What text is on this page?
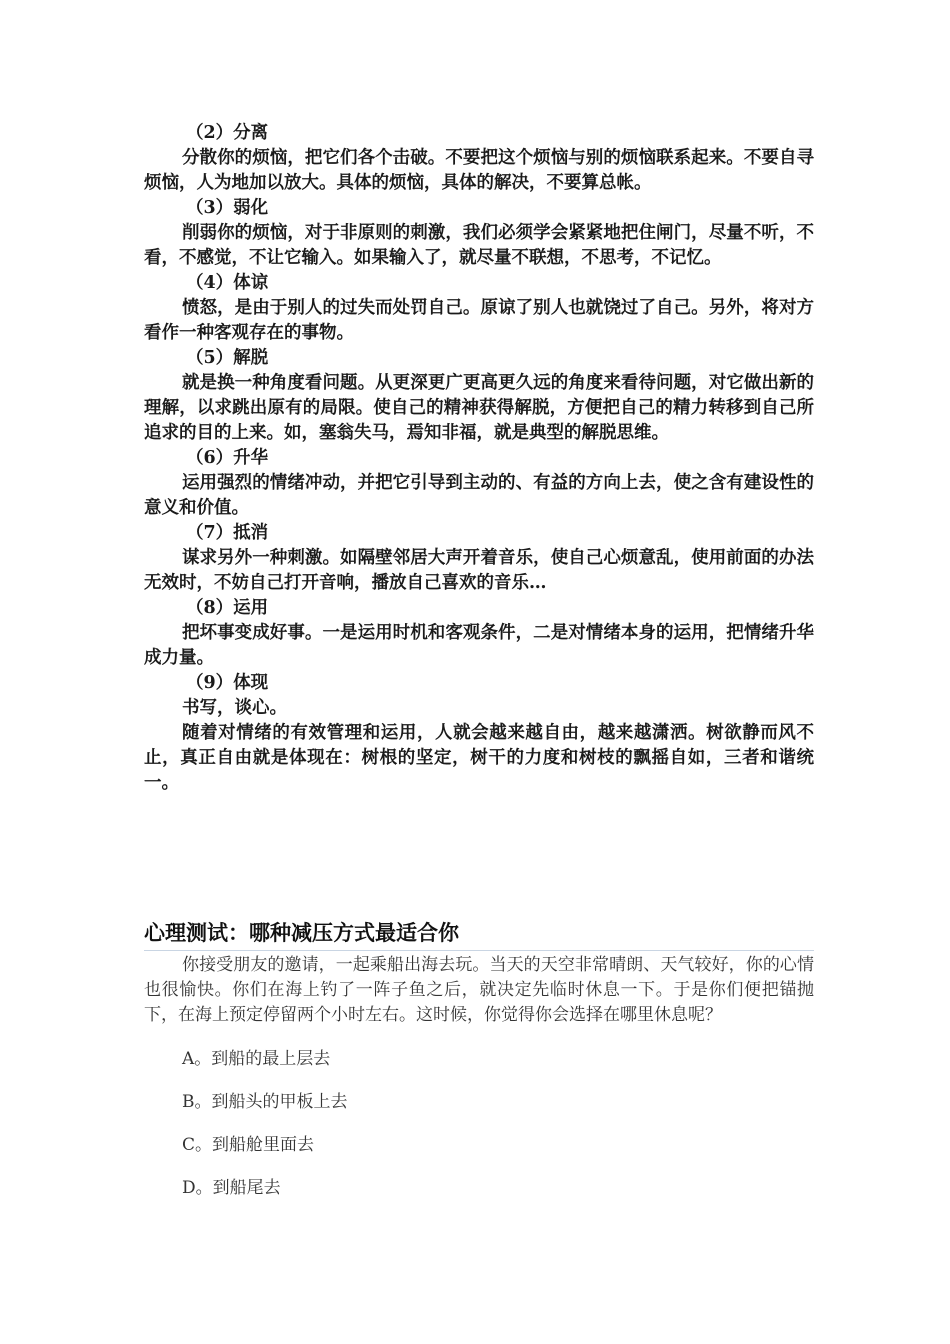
（2）分离

分散你的烦恼，把它们各个击破。不要把这个烦恼与别的烦恼联系起来。不要自寻烦恼，人为地加以放大。具体的烦恼，具体的解决，不要算总帐。

（3）弱化

削弱你的烦恼，对于非原则的刺激，我们必须学会紧紧地把住闸门，尽量不听，不看，不感觉，不让它输入。如果输入了，就尽量不联想，不思考，不记忆。

（4）体谅

愤怒，是由于别人的过失而处罚自己。原谅了别人也就饶过了自己。另外，将对方看作一种客观存在的事物。

（5）解脱

就是换一种角度看问题。从更深更广更高更久远的角度来看待问题，对它做出新的理解，以求跳出原有的局限。使自己的精神获得解脱，方便把自己的精力转移到自己所追求的目的上来。如，塞翁失马，焉知非福，就是典型的解脱思维。

（6）升华

运用强烈的情绪冲动，并把它引导到主动的、有益的方向上去，使之含有建设性的意义和价值。

（7）抵消

谋求另外一种刺激。如隔壁邻居大声开着音乐，使自己心烦意乱，使用前面的办法无效时，不妨自己打开音响，播放自己喜欢的音乐…

（8）运用

把坏事变成好事。一是运用时机和客观条件，二是对情绪本身的运用，把情绪升华成力量。

（9）体现

书写，谈心。

随着对情绪的有效管理和运用，人就会越来越自由，越来越潇洒。树欲静而风不止，真正自由就是体现在：树根的坚定，树干的力度和树枝的飘摇自如，三者和谐统一。

心理测试：哪种减压方式最适合你

你接受朋友的邀请，一起乘船出海去玩。当天的天空非常晴朗、天气较好，你的心情也很愉快。你们在海上钓了一阵子鱼之后，就决定先临时休息一下。于是你们便把锚抛下，在海上预定停留两个小时左右。这时候，你觉得你会选择在哪里休息呢？

A。到船的最上层去

B。到船头的甲板上去

C。到船舱里面去

D。到船尾去
